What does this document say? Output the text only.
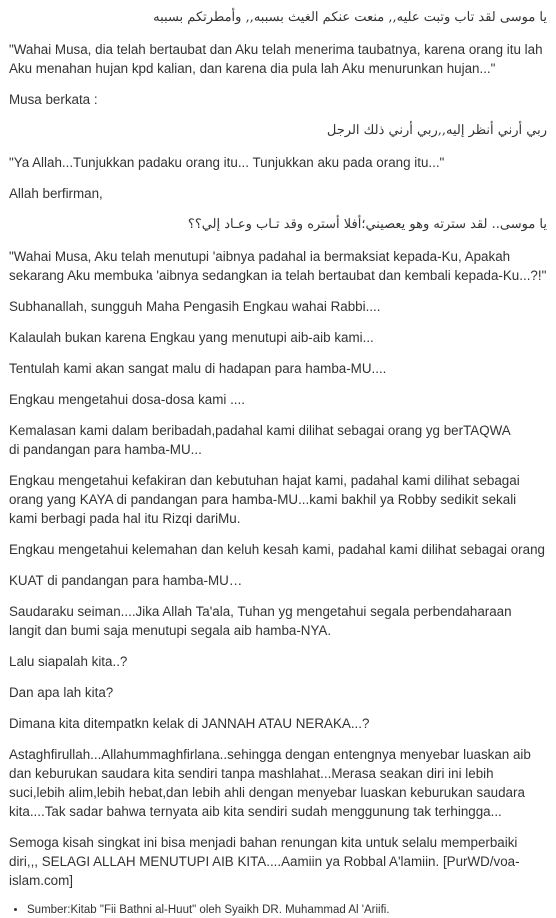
يا موسى لقد تاب وتبت عليه,, منعت عنكم الغيث بسببه,, وأمطرتكم بسببه

"Wahai Musa, dia telah bertaubat dan Aku telah menerima taubatnya, karena orang itu lah Aku menahan hujan kpd kalian, dan karena dia pula lah Aku menurunkan hujan..."

Musa berkata :

ربي أرني أنظر إليه,,ربي أرني ذلك الرجل

"Ya Allah...Tunjukkan padaku orang itu... Tunjukkan aku pada orang itu..."

Allah berfirman,

يا موسى.. لقد سترته وهو يعصيني؛أفلا أستره وقد تـاب وعـاد إلي؟؟

"Wahai Musa, Aku telah menutupi 'aibnya padahal ia bermaksiat kepada-Ku, Apakah sekarang Aku membuka 'aibnya sedangkan ia telah bertaubat dan kembali kepada-Ku...?!"

Subhanallah, sungguh Maha Pengasih Engkau wahai Rabbi....

Kalaulah bukan karena Engkau yang menutupi aib-aib kami...

Tentulah kami akan sangat malu di hadapan para hamba-MU....

Engkau mengetahui dosa-dosa kami ....

Kemalasan kami dalam beribadah,padahal kami dilihat sebagai orang yg berTAQWA
di pandangan para hamba-MU...

Engkau mengetahui kefakiran dan kebutuhan hajat kami, padahal kami dilihat sebagai orang yang KAYA di pandangan para hamba-MU...kami bakhil ya Robby sedikit sekali kami berbagi pada hal itu Rizqi dariMu.

Engkau mengetahui kelemahan dan keluh kesah kami, padahal kami dilihat sebagai orang

KUAT di pandangan para hamba-MU…

Saudaraku seiman....Jika Allah Ta'ala, Tuhan yg mengetahui segala perbendaharaan langit dan bumi saja menutupi segala aib hamba-NYA.

Lalu siapalah kita..?

Dan apa lah kita?

Dimana kita ditempatkn kelak di JANNAH ATAU NERAKA...?

Astaghfirullah...Allahummaghfirlana..sehingga dengan entengnya menyebar luaskan aib dan keburukan saudara kita sendiri tanpa mashlahat...Merasa seakan diri ini lebih suci,lebih alim,lebih hebat,dan lebih ahli dengan menyebar luaskan keburukan saudara kita....Tak sadar bahwa ternyata aib kita sendiri sudah menggunung tak terhingga...

Semoga kisah singkat ini bisa menjadi bahan renungan kita untuk selalu memperbaiki diri,,, SELAGI ALLAH MENUTUPI AIB KITA....Aamiin ya Robbal A'lamiin. [PurWD/voa-islam.com]

• Sumber:Kitab "Fii Bathni al-Huut" oleh Syaikh DR. Muhammad Al 'Ariifi.
